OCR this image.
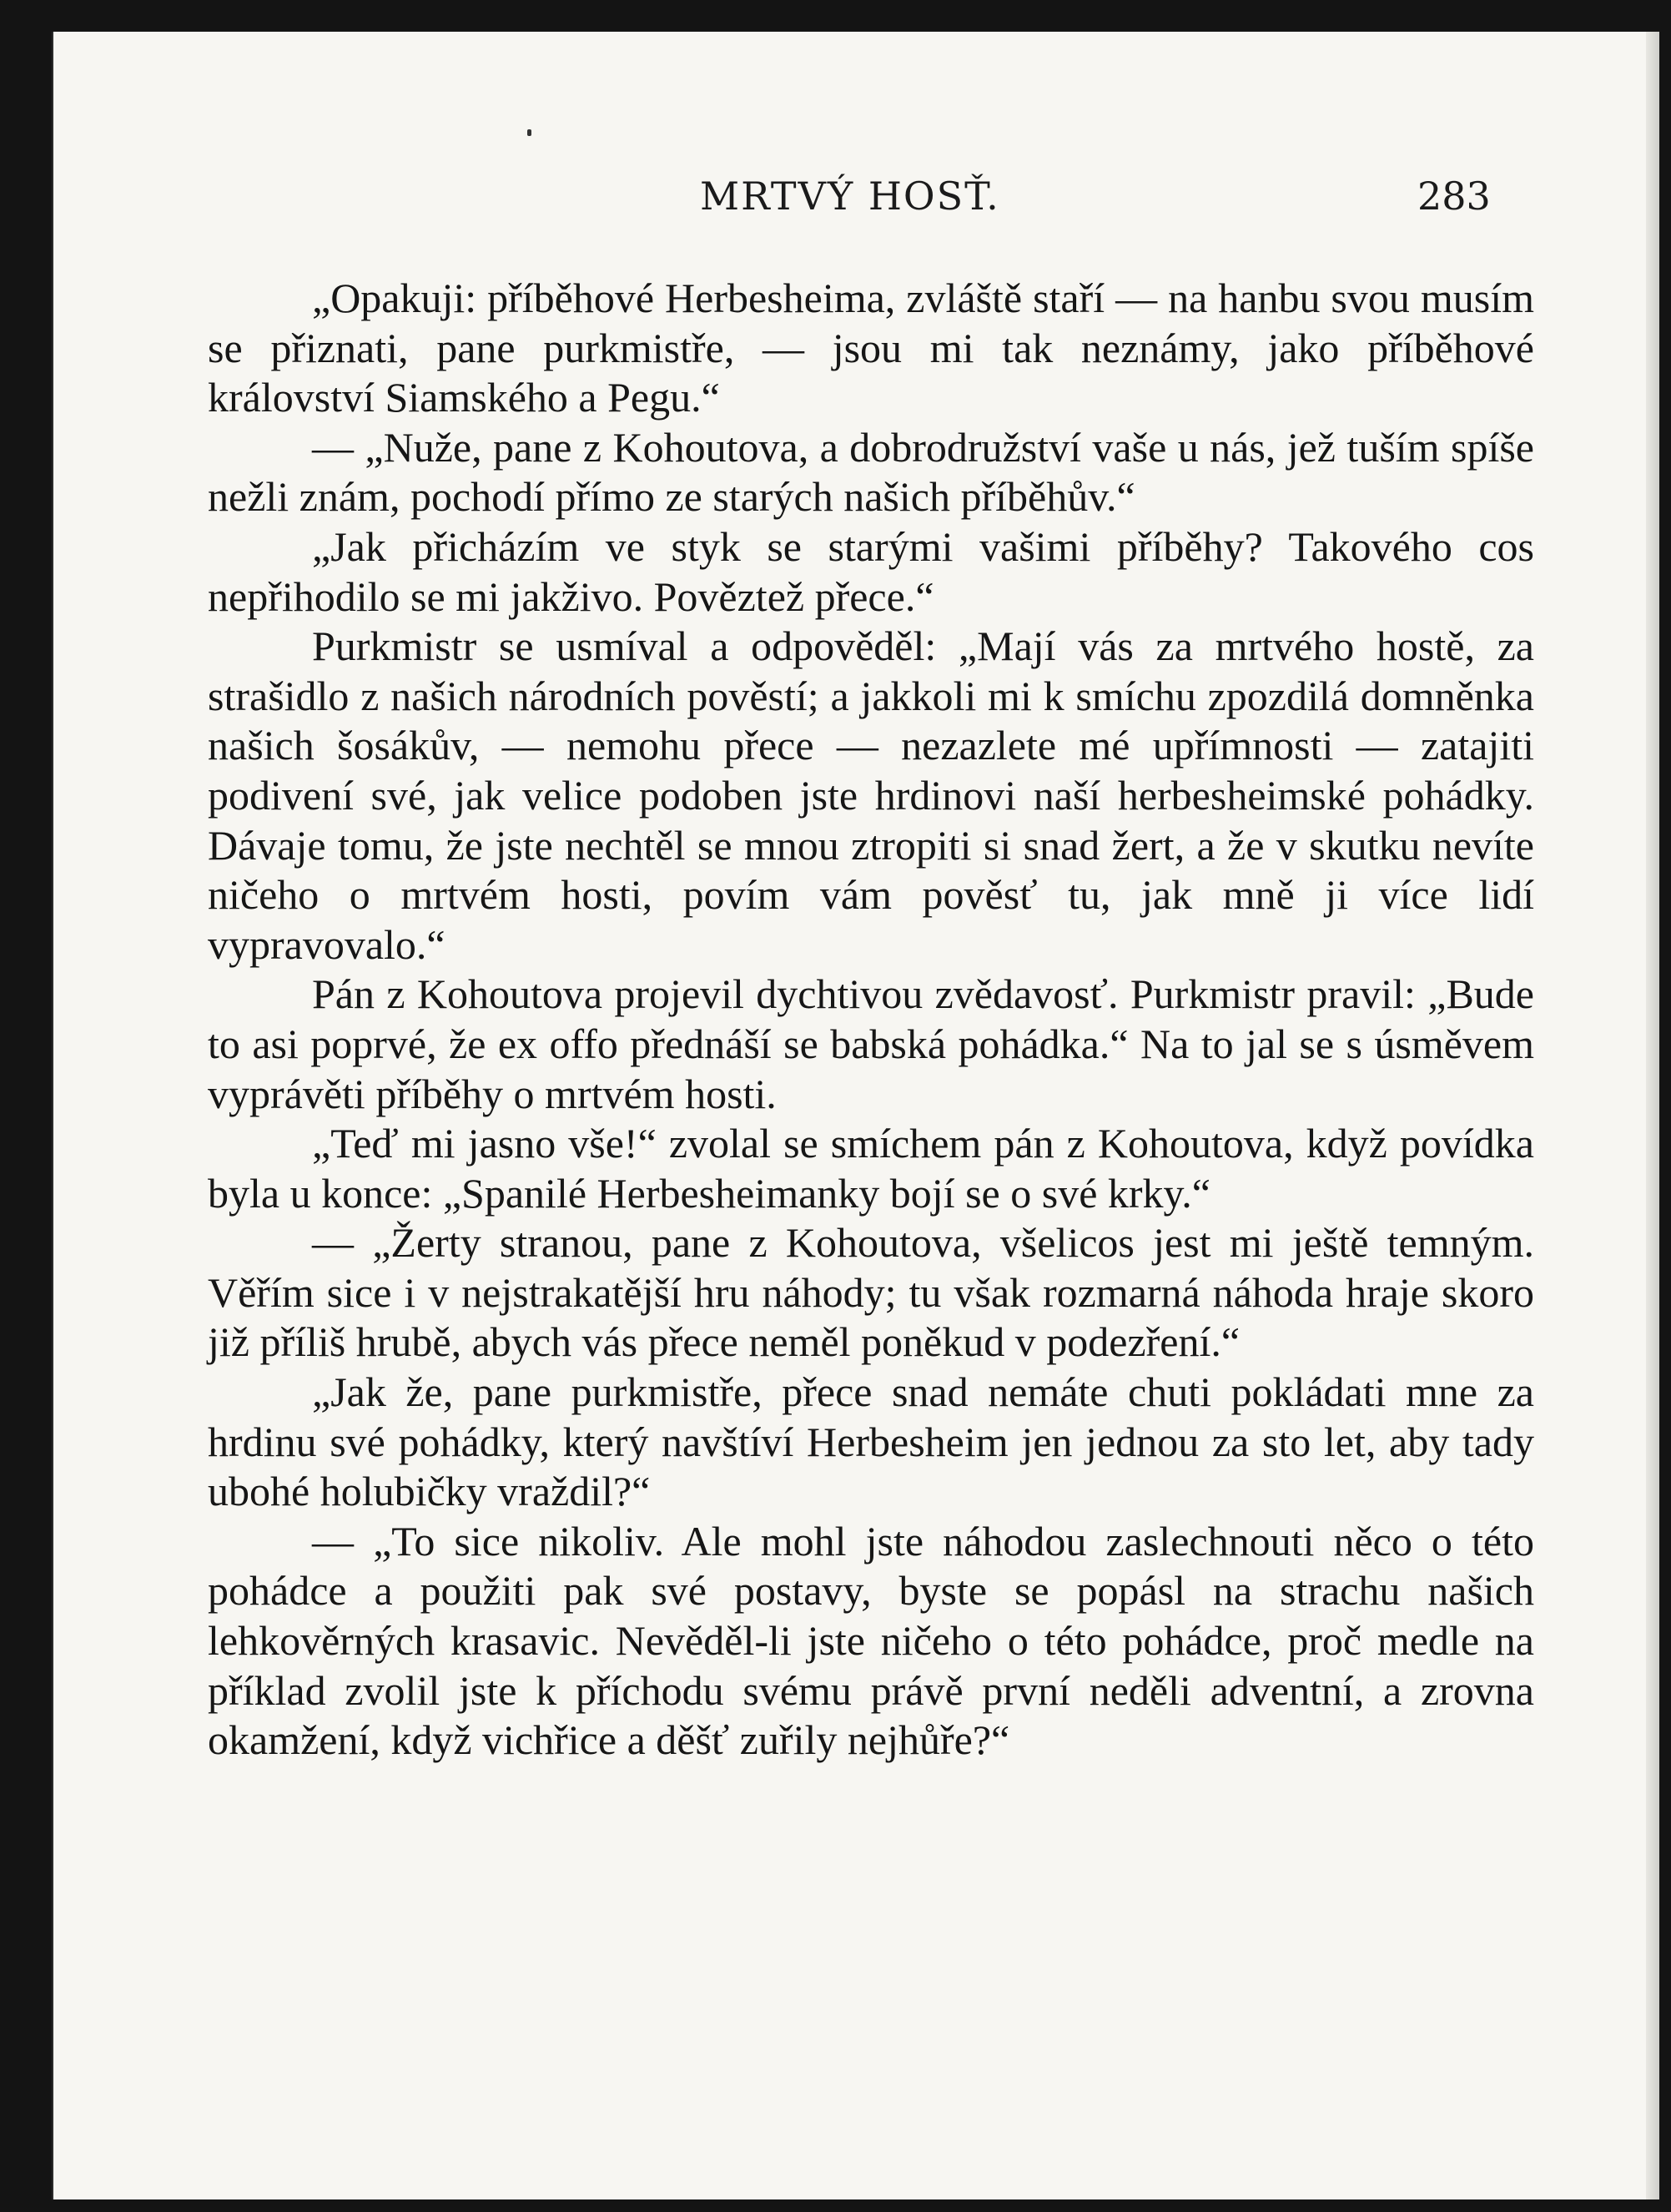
MRTVÝ HOSŤ.	283

„Opakuji: příběhové Herbesheima, zvláště staří — na hanbu svou musím se přiznati, pane purkmistře, — jsou mi tak neznámy, jako příběhové království Siamského a Pegu.“

— „Nuže, pane z Kohoutova, a dobrodružství vaše u nás, jež tuším spíše nežli znám, pochodí přímo ze starých našich příběhův.“

„Jak přicházím ve styk se starými vašimi příběhy? Takového cos nepřihodilo se mi jakživo. Pověztež přece.“

Purkmistr se usmíval a odpověděl: „Mají vás za mrtvého hostě, za strašidlo z našich národních pověstí; a jakkoli mi k smíchu zpozdilá domněnka našich šosákův, — nemohu přece — nezazlete mé upřímnosti — zatajiti podivení své, jak velice podoben jste hrdinovi naší herbesheimské pohádky. Dávaje tomu, že jste nechtěl se mnou ztropiti si snad žert, a že v skutku nevíte ničeho o mrtvém hosti, povím vám pověsť tu, jak mně ji více lidí vypravovalo.“

Pán z Kohoutova projevil dychtivou zvědavosť. Purkmistr pravil: „Bude to asi poprvé, že ex offo přednáší se babská pohádka.“ Na to jal se s úsměvem vyprávěti příběhy o mrtvém hosti.

„Teď mi jasno vše!“ zvolal se smíchem pán z Kohoutova, když povídka byla u konce: „Spanilé Herbesheimanky bojí se o své krky.“

— „Žerty stranou, pane z Kohoutova, všelicos jest mi ještě temným. Věřím sice i v nejstrakatější hru náhody; tu však rozmarná náhoda hraje skoro již příliš hrubě, abych vás přece neměl poněkud v podezření.“

„Jak že, pane purkmistře, přece snad nemáte chuti pokládati mne za hrdinu své pohádky, který navštíví Herbesheim jen jednou za sto let, aby tady ubohé holubičky vraždil?“

— „To sice nikoliv. Ale mohl jste náhodou zaslechnouti něco o této pohádce a použiti pak své postavy, byste se popásl na strachu našich lehkověrných krasavic. Nevěděl-li jste ničeho o této pohádce, proč medle na příklad zvolil jste k příchodu svému právě první neděli adventní, a zrovna okamžení, když vichřice a děšť zuřily nejhůře?“
